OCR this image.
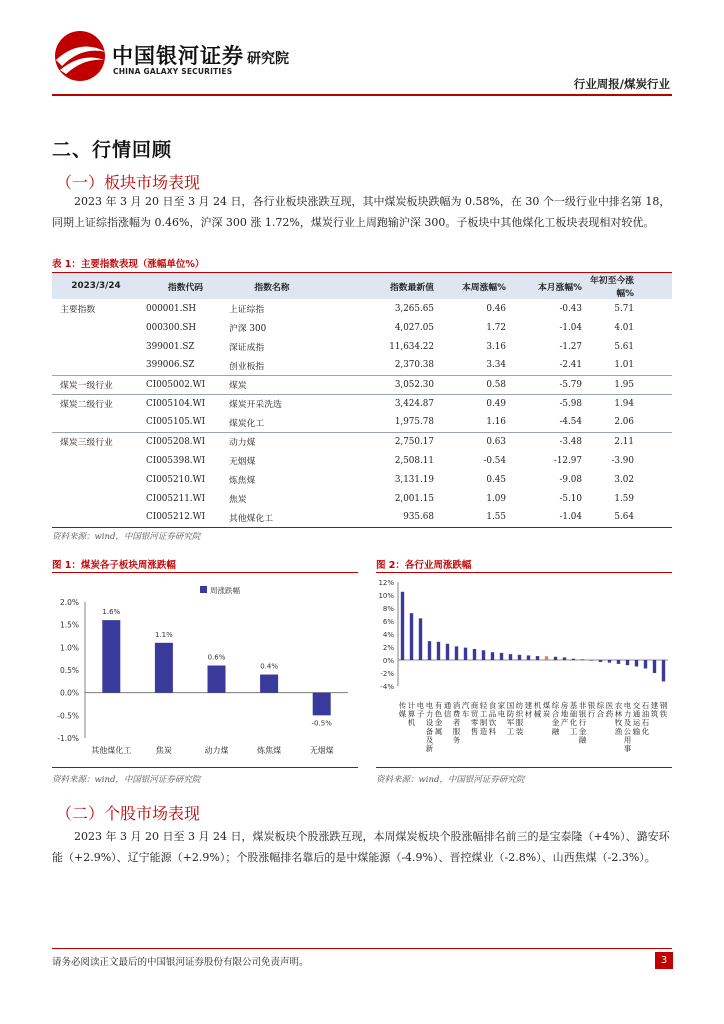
中国银河证券
CHINA GALAXY SECURITIES
研究院
行业周报/煤炭行业
二、行情回顾
（一）板块市场表现
2023 年 3 月 20 日至 3 月 24 日，各行业板块涨跌互现，其中煤炭板块跌幅为 0.58%，在 30 个一级行业中排名第 18，同期上证综指涨幅为 0.46%，沪深 300 涨 1.72%，煤炭行业上周跑输沪深 300。子板块中其他煤化工板块表现相对较优。
表 1：主要指数表现（涨幅单位%）
2023/3/24	指数代码	指数名称	指数最新值	本周涨幅%	本月涨幅%	年初至今涨幅%
主要指数	000001.SH	上证综指	3,265.65	0.46	-0.43	5.71
	000300.SH	沪深 300	4,027.05	1.72	-1.04	4.01
	399001.SZ	深证成指	11,634.22	3.16	-1.27	5.61
	399006.SZ	创业板指	2,370.38	3.34	-2.41	1.01
煤炭一级行业	CI005002.WI	煤炭	3,052.30	0.58	-5.79	1.95
煤炭二级行业	CI005104.WI	煤炭开采洗选	3,424.87	0.49	-5.98	1.94
	CI005105.WI	煤炭化工	1,975.78	1.16	-4.54	2.06
煤炭三级行业	CI005208.WI	动力煤	2,750.17	0.63	-3.48	2.11
	CI005398.WI	无烟煤	2,508.11	-0.54	-12.97	-3.90
	CI005210.WI	炼焦煤	3,131.19	0.45	-9.08	3.02
	CI005211.WI	焦炭	2,001.15	1.09	-5.10	1.59
	CI005212.WI	其他煤化工	935.68	1.55	-1.04	5.64
资料来源：wind，中国银河证券研究院
图 1：煤炭各子板块周涨跌幅
2.0%
1.5%
1.0%
0.5%
0.0%
-0.5%
-1.0%
周涨跌幅
1.6%
其他煤化工
1.1%
焦炭
0.6%
动力煤
0.4%
炼焦煤
-0.5%
无烟煤
资料来源：wind，中国银河证券研究院
图 2：各行业周涨跌幅
12%
10%
8%
6%
4%
2%
0%
-2%
-4%
传媒
计算机
电子
电力设备及新
有色金属
通信
消费者服务
汽车
商贸零售
轻工制造
食品饮料
家电
国防军工
纺织服装
建材
机械
煤炭
综合金融
房地产
基础化工
非银行金融
银行
综合
医药
农林牧渔
电力及公用事
交通运输
石油石化
建筑
钢铁
资料来源：wind，中国银河证券研究院
（二）个股市场表现
2023 年 3 月 20 日至 3 月 24 日，煤炭板块个股涨跌互现，本周煤炭板块个股涨幅排名前三的是宝泰隆（+4%）、潞安环能（+2.9%）、辽宁能源（+2.9%）；个股涨幅排名靠后的是中煤能源（-4.9%）、晋控煤业（-2.8%）、山西焦煤（-2.3%）。
请务必阅读正文最后的中国银河证券股份有限公司免责声明。	3
